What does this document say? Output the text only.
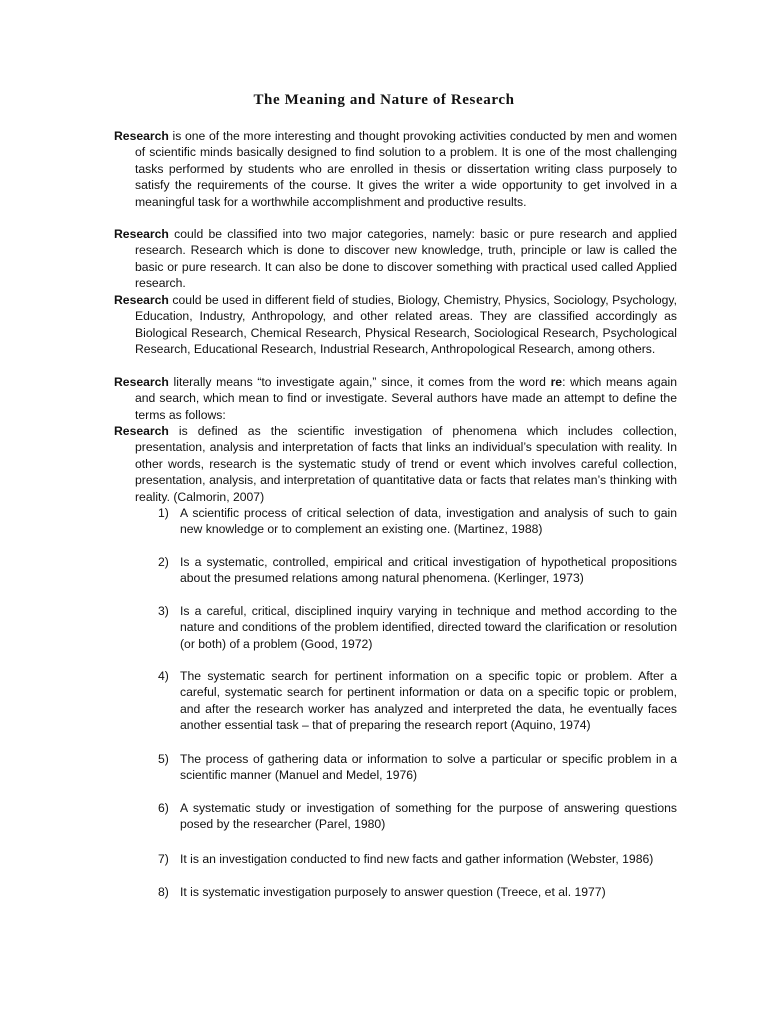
The Meaning and Nature of Research

Research is one of the more interesting and thought provoking activities conducted by men and women of scientific minds basically designed to find solution to a problem. It is one of the most challenging tasks performed by students who are enrolled in thesis or dissertation writing class purposely to satisfy the requirements of the course. It gives the writer a wide opportunity to get involved in a meaningful task for a worthwhile accomplishment and productive results.

Research could be classified into two major categories, namely: basic or pure research and applied research. Research which is done to discover new knowledge, truth, principle or law is called the basic or pure research. It can also be done to discover something with practical used called Applied research.

Research could be used in different field of studies, Biology, Chemistry, Physics, Sociology, Psychology, Education, Industry, Anthropology, and other related areas. They are classified accordingly as Biological Research, Chemical Research, Physical Research, Sociological Research, Psychological Research, Educational Research, Industrial Research, Anthropological Research, among others.

Research literally means “to investigate again,” since, it comes from the word re: which means again and search, which mean to find or investigate. Several authors have made an attempt to define the terms as follows:

Research is defined as the scientific investigation of phenomena which includes collection, presentation, analysis and interpretation of facts that links an individual’s speculation with reality. In other words, research is the systematic study of trend or event which involves careful collection, presentation, analysis, and interpretation of quantitative data or facts that relates man’s thinking with reality. (Calmorin, 2007)

1) A scientific process of critical selection of data, investigation and analysis of such to gain new knowledge or to complement an existing one. (Martinez, 1988)
2) Is a systematic, controlled, empirical and critical investigation of hypothetical propositions about the presumed relations among natural phenomena. (Kerlinger, 1973)
3) Is a careful, critical, disciplined inquiry varying in technique and method according to the nature and conditions of the problem identified, directed toward the clarification or resolution (or both) of a problem (Good, 1972)
4) The systematic search for pertinent information on a specific topic or problem. After a careful, systematic search for pertinent information or data on a specific topic or problem, and after the research worker has analyzed and interpreted the data, he eventually faces another essential task – that of preparing the research report (Aquino, 1974)
5) The process of gathering data or information to solve a particular or specific problem in a scientific manner (Manuel and Medel, 1976)
6) A systematic study or investigation of something for the purpose of answering questions posed by the researcher (Parel, 1980)
7) It is an investigation conducted to find new facts and gather information (Webster, 1986)
8) It is systematic investigation purposely to answer question (Treece, et al. 1977)
